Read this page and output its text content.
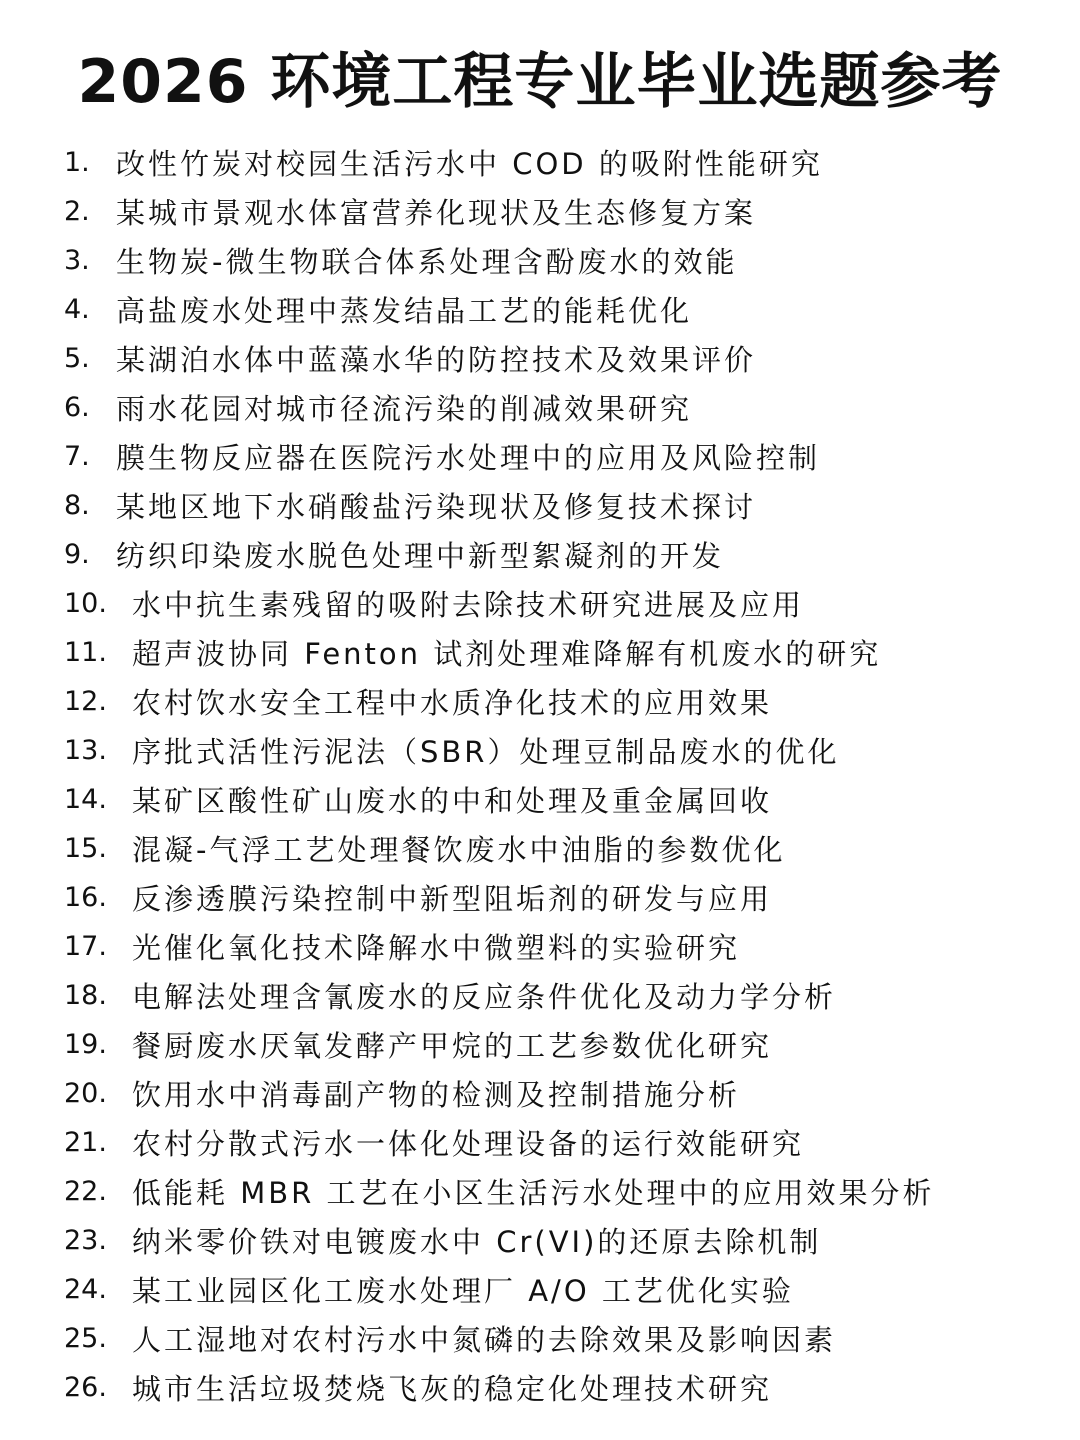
2026 环境工程专业毕业选题参考
1. 改性竹炭对校园生活污水中 COD 的吸附性能研究
2. 某城市景观水体富营养化现状及生态修复方案
3. 生物炭-微生物联合体系处理含酚废水的效能
4. 高盐废水处理中蒸发结晶工艺的能耗优化
5. 某湖泊水体中蓝藻水华的防控技术及效果评价
6. 雨水花园对城市径流污染的削减效果研究
7. 膜生物反应器在医院污水处理中的应用及风险控制
8. 某地区地下水硝酸盐污染现状及修复技术探讨
9. 纺织印染废水脱色处理中新型絮凝剂的开发
10. 水中抗生素残留的吸附去除技术研究进展及应用
11. 超声波协同 Fenton 试剂处理难降解有机废水的研究
12. 农村饮水安全工程中水质净化技术的应用效果
13. 序批式活性污泥法（SBR）处理豆制品废水的优化
14. 某矿区酸性矿山废水的中和处理及重金属回收
15. 混凝-气浮工艺处理餐饮废水中油脂的参数优化
16. 反渗透膜污染控制中新型阻垢剂的研发与应用
17. 光催化氧化技术降解水中微塑料的实验研究
18. 电解法处理含氰废水的反应条件优化及动力学分析
19. 餐厨废水厌氧发酵产甲烷的工艺参数优化研究
20. 饮用水中消毒副产物的检测及控制措施分析
21. 农村分散式污水一体化处理设备的运行效能研究
22. 低能耗 MBR 工艺在小区生活污水处理中的应用效果分析
23. 纳米零价铁对电镀废水中 Cr(VI)的还原去除机制
24. 某工业园区化工废水处理厂 A/O 工艺优化实验
25. 人工湿地对农村污水中氮磷的去除效果及影响因素
26. 城市生活垃圾焚烧飞灰的稳定化处理技术研究
